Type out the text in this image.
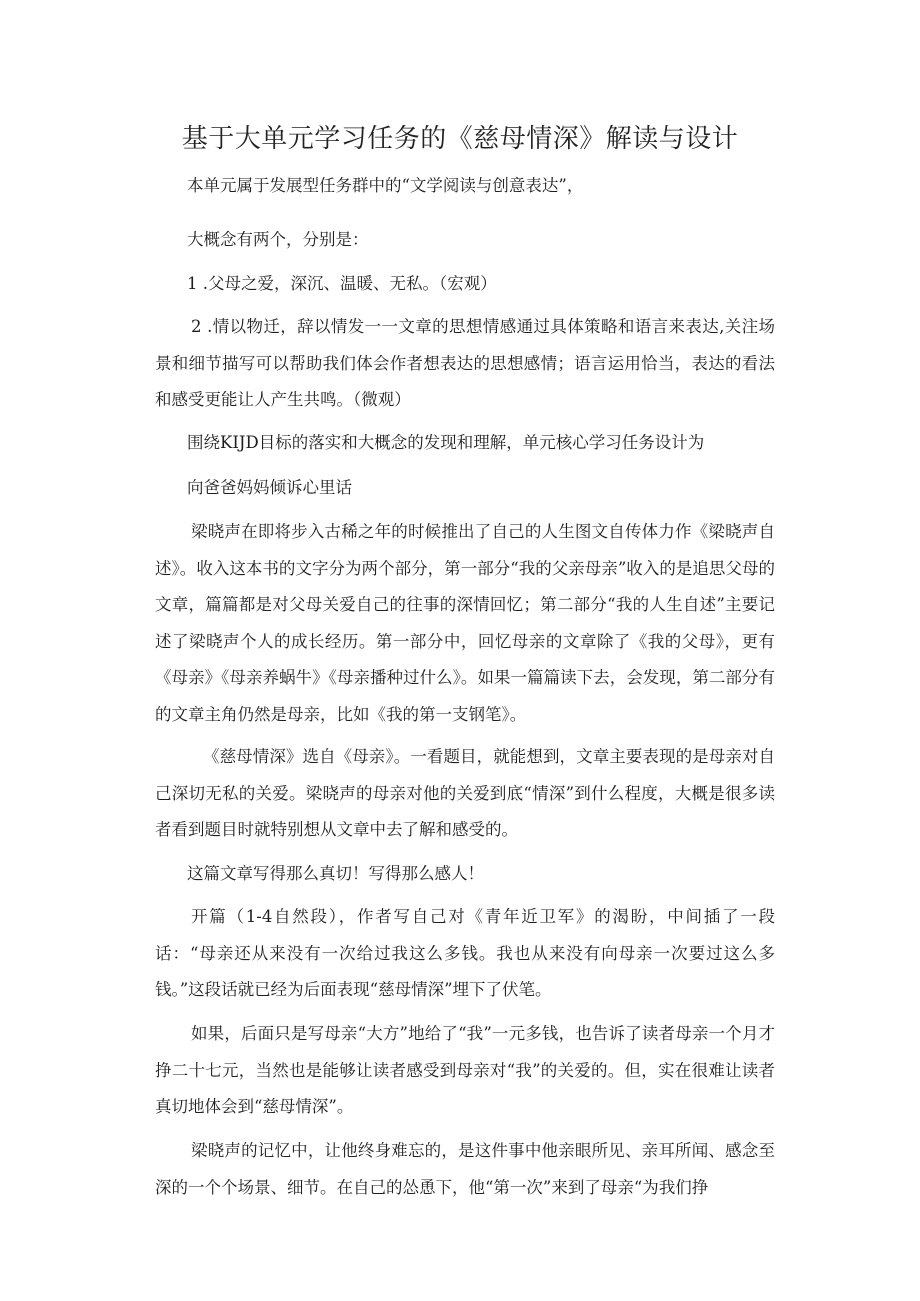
基于大单元学习任务的《慈母情深》解读与设计

本单元属于发展型任务群中的“文学阅读与创意表达”，

大概念有两个，分别是：

1 .父母之爱，深沉、温暖、无私。（宏观）

2 .情以物迁，辞以情发一一文章的思想情感通过具体策略和语言来表达,关注场景和细节描写可以帮助我们体会作者想表达的思想感情；语言运用恰当，表达的看法和感受更能让人产生共鸣。（微观）

围绕KIJD目标的落实和大概念的发现和理解，单元核心学习任务设计为

向爸爸妈妈倾诉心里话

梁晓声在即将步入古稀之年的时候推出了自己的人生图文自传体力作《梁晓声自述》。收入这本书的文字分为两个部分，第一部分“我的父亲母亲”收入的是追思父母的文章，篇篇都是对父母关爱自己的往事的深情回忆；第二部分“我的人生自述”主要记述了梁晓声个人的成长经历。第一部分中，回忆母亲的文章除了《我的父母》，更有《母亲》《母亲养蜗牛》《母亲播种过什么》。如果一篇篇读下去，会发现，第二部分有的文章主角仍然是母亲，比如《我的第一支钢笔》。

《慈母情深》选自《母亲》。一看题目，就能想到，文章主要表现的是母亲对自己深切无私的关爱。梁晓声的母亲对他的关爱到底“情深”到什么程度，大概是很多读者看到题目时就特别想从文章中去了解和感受的。

这篇文章写得那么真切！写得那么感人！

开篇（1-4自然段），作者写自己对《青年近卫军》的渴盼，中间插了一段话：“母亲还从来没有一次给过我这么多钱。我也从来没有向母亲一次要过这么多钱。”这段话就已经为后面表现“慈母情深”埋下了伏笔。

如果，后面只是写母亲“大方”地给了“我”一元多钱，也告诉了读者母亲一个月才挣二十七元，当然也是能够让读者感受到母亲对“我”的关爱的。但，实在很难让读者真切地体会到“慈母情深”。

梁晓声的记忆中，让他终身难忘的，是这件事中他亲眼所见、亲耳所闻、感念至深的一个个场景、细节。在自己的怂恿下，他“第一次”来到了母亲“为我们挣
